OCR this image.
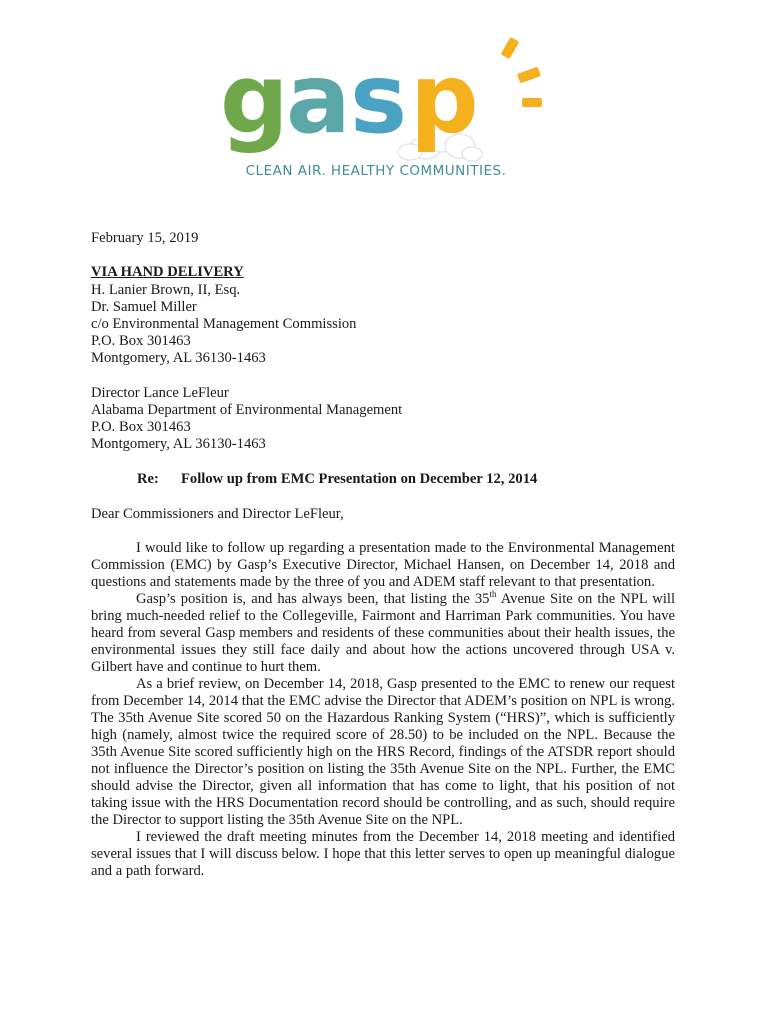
g
a s p
CLEAN AIR. HEALTHY COMMUNITIES.
February 15, 2019
VIA HAND DELIVERY
H. Lanier Brown, II, Esq.
Dr. Samuel Miller
c/o Environmental Management Commission
P.O. Box 301463
Montgomery, AL 36130-1463
Director Lance LeFleur
Alabama Department of Environmental Management
P.O. Box 301463
Montgomery, AL 36130-1463
Re: Follow up from EMC Presentation on December 12, 2014
Dear Commissioners and Director LeFleur,

I would like to follow up regarding a presentation made to the Environmental Management Commission (EMC) by Gasp’s Executive Director, Michael Hansen, on December 14, 2018 and questions and statements made by the three of you and ADEM staff relevant to that presentation.

Gasp’s position is, and has always been, that listing the 35th Avenue Site on the NPL will bring much-needed relief to the Collegeville, Fairmont and Harriman Park communities. You have heard from several Gasp members and residents of these communities about their health issues, the environmental issues they still face daily and about how the actions uncovered through USA v. Gilbert have and continue to hurt them.

As a brief review, on December 14, 2018, Gasp presented to the EMC to renew our request from December 14, 2014 that the EMC advise the Director that ADEM’s position on NPL is wrong. The 35th Avenue Site scored 50 on the Hazardous Ranking System (“HRS)”, which is sufficiently high (namely, almost twice the required score of 28.50) to be included on the NPL. Because the 35th Avenue Site scored sufficiently high on the HRS Record, findings of the ATSDR report should not influence the Director’s position on listing the 35th Avenue Site on the NPL. Further, the EMC should advise the Director, given all information that has come to light, that his position of not taking issue with the HRS Documentation record should be controlling, and as such, should require the Director to support listing the 35th Avenue Site on the NPL.

I reviewed the draft meeting minutes from the December 14, 2018 meeting and identified several issues that I will discuss below. I hope that this letter serves to open up meaningful dialogue and a path forward.
